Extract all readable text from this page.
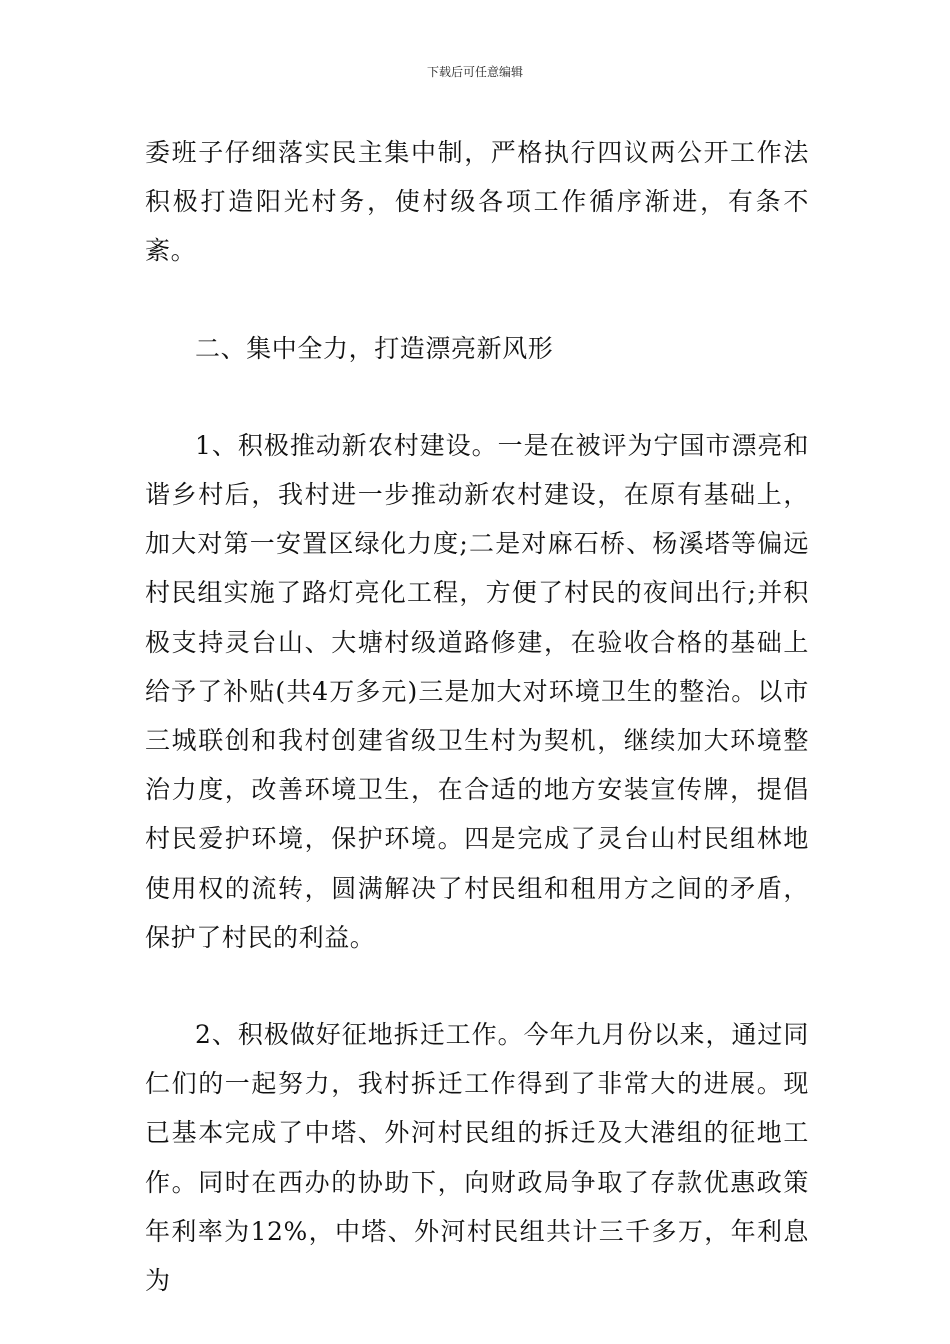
下载后可任意编辑

委班子仔细落实民主集中制，严格执行四议两公开工作法积极打造阳光村务，使村级各项工作循序渐进，有条不紊。

二、集中全力，打造漂亮新风形

1、积极推动新农村建设。一是在被评为宁国市漂亮和谐乡村后，我村进一步推动新农村建设，在原有基础上，加大对第一安置区绿化力度;二是对麻石桥、杨溪塔等偏远村民组实施了路灯亮化工程，方便了村民的夜间出行;并积极支持灵台山、大塘村级道路修建，在验收合格的基础上给予了补贴(共4万多元)三是加大对环境卫生的整治。以市三城联创和我村创建省级卫生村为契机，继续加大环境整治力度，改善环境卫生，在合适的地方安装宣传牌，提倡村民爱护环境，保护环境。四是完成了灵台山村民组林地使用权的流转，圆满解决了村民组和租用方之间的矛盾，保护了村民的利益。

2、积极做好征地拆迁工作。今年九月份以来，通过同仁们的一起努力，我村拆迁工作得到了非常大的进展。现已基本完成了中塔、外河村民组的拆迁及大港组的征地工作。同时在西办的协助下，向财政局争取了存款优惠政策年利率为12%，中塔、外河村民组共计三千多万，年利息为
